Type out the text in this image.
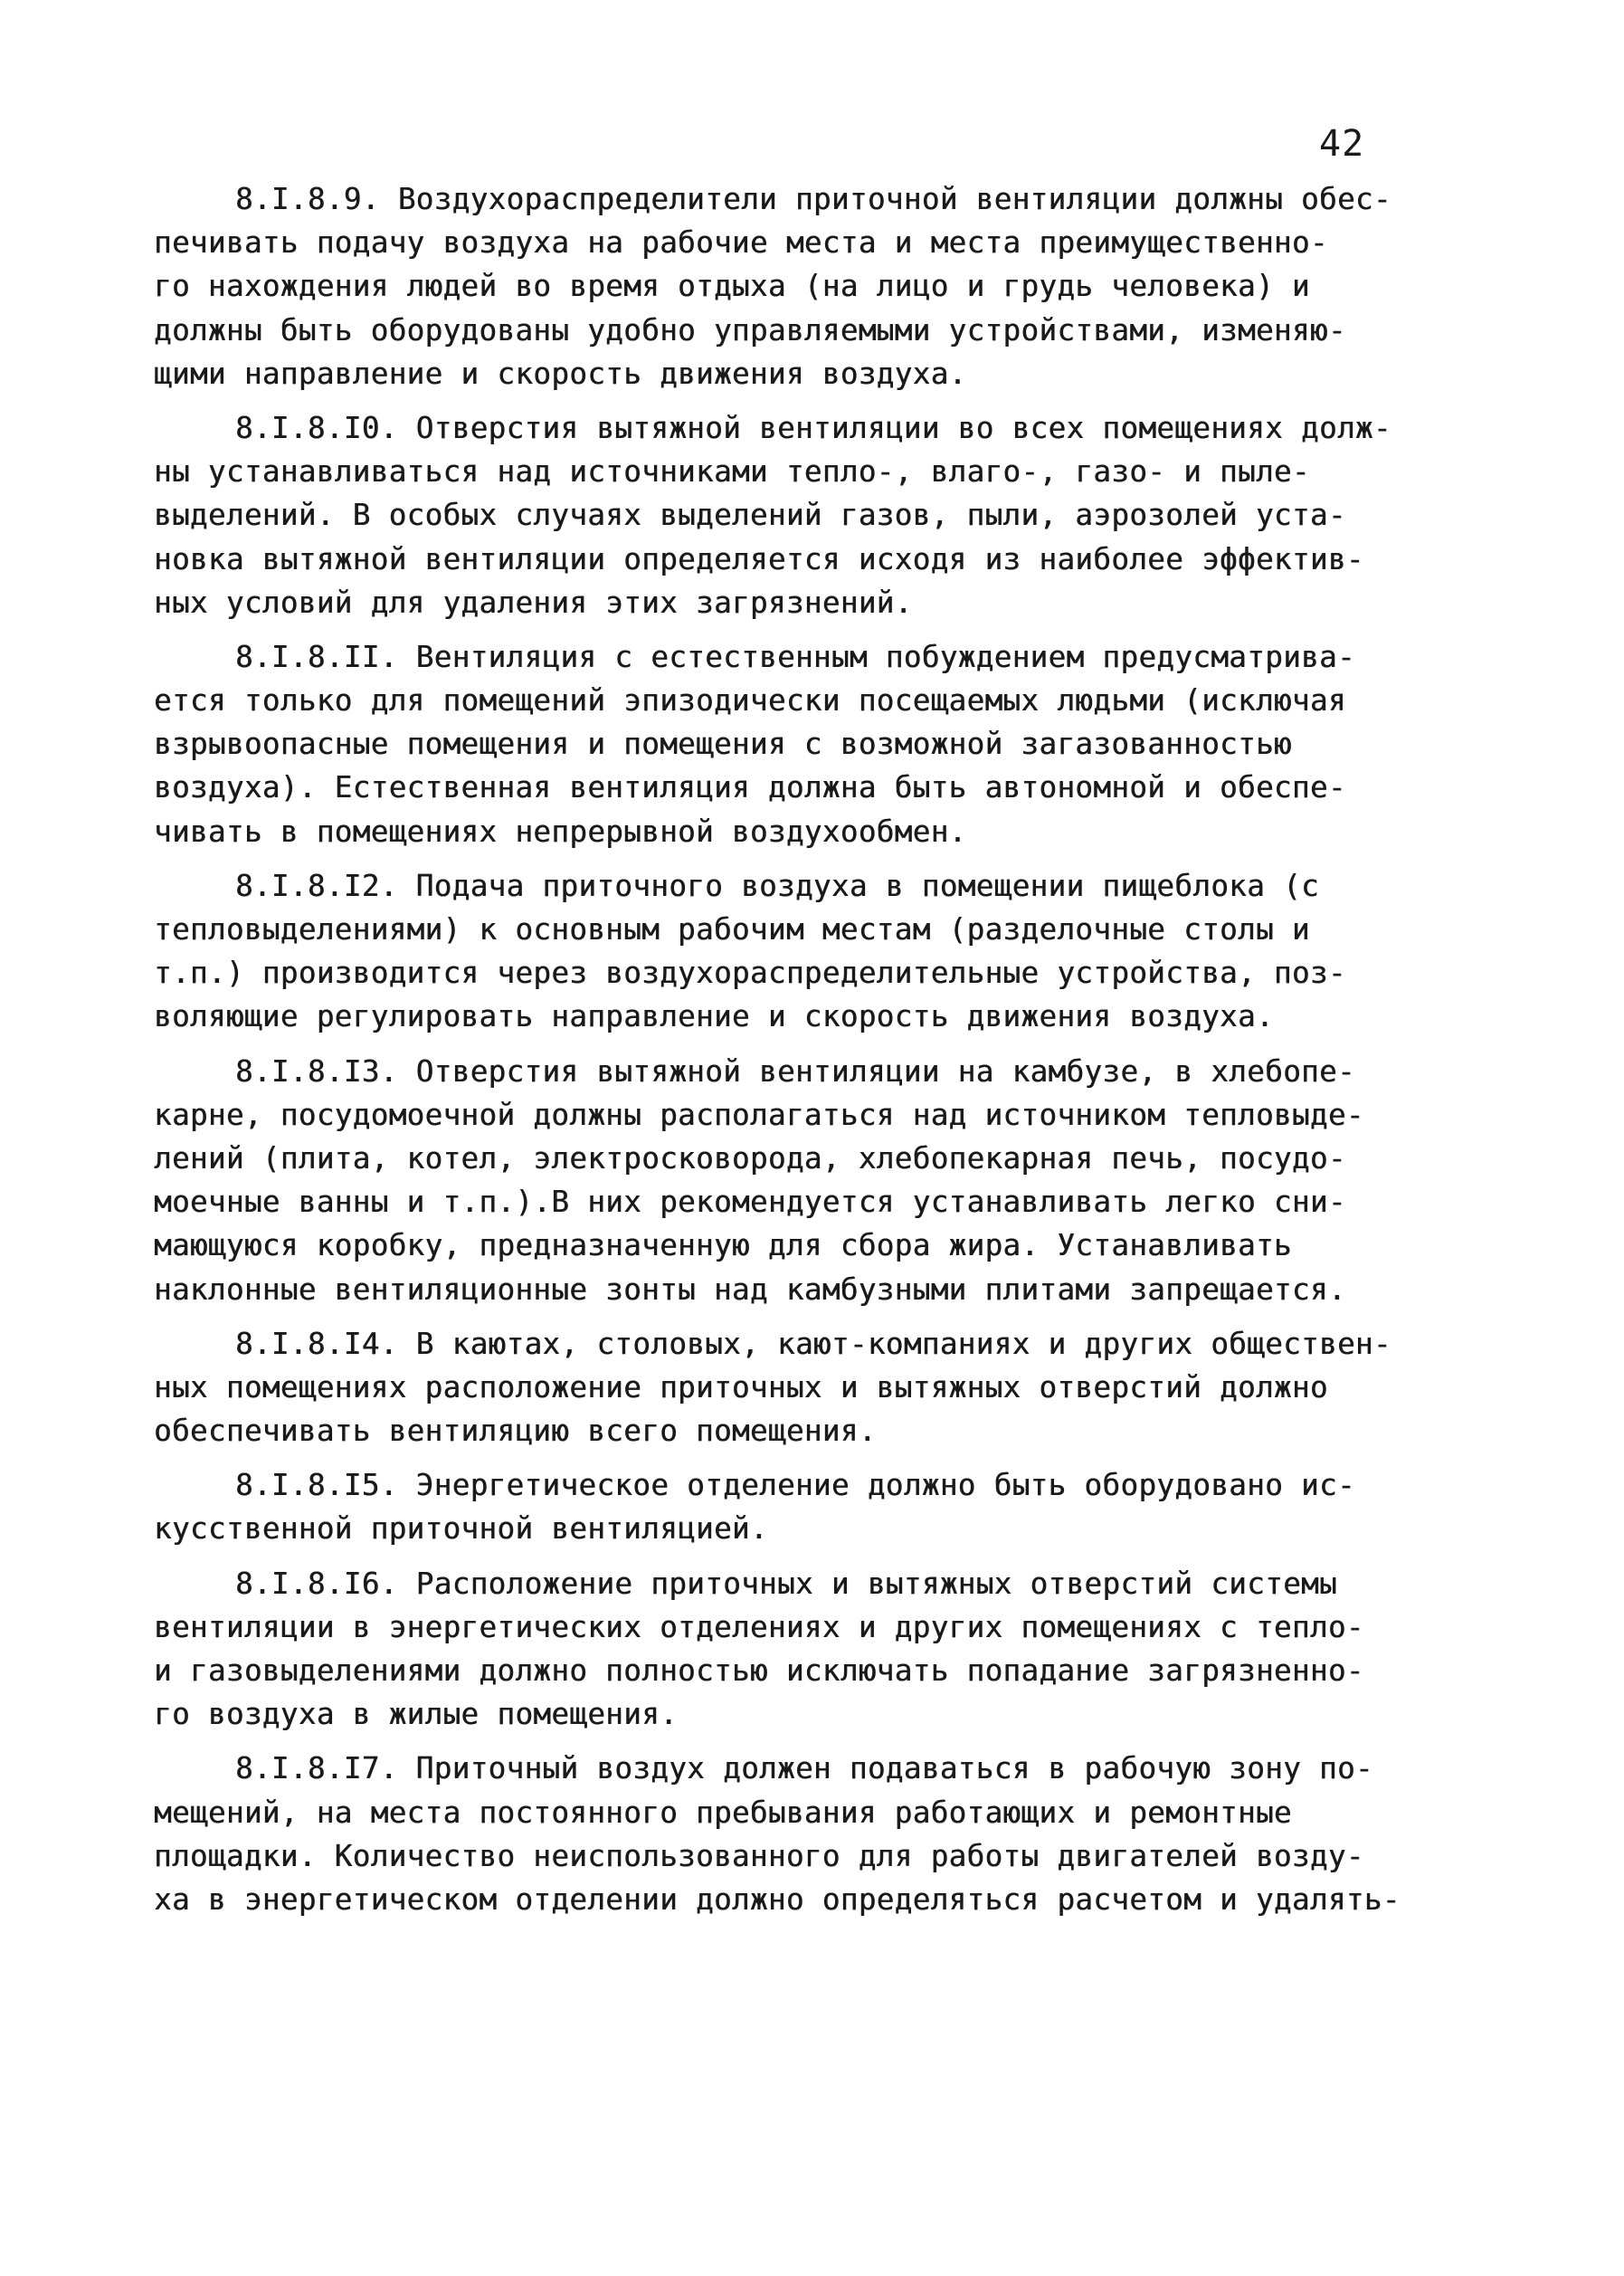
42
8.I.8.9. Воздухораспределители приточной вентиляции должны обес-
печивать подачу воздуха на рабочие места и места преимущественно-
го нахождения людей во время отдыха (на лицо и грудь человека) и
должны быть оборудованы удобно управляемыми устройствами, изменяю-
щими направление и скорость движения воздуха.
8.I.8.I0. Отверстия вытяжной вентиляции во всех помещениях долж-
ны устанавливаться над источниками тепло-, влаго-, газо- и пыле-
выделений. В особых случаях выделений газов, пыли, аэрозолей уста-
новка вытяжной вентиляции определяется исходя из наиболее эффектив-
ных условий для удаления этих загрязнений.
8.I.8.II. Вентиляция с естественным побуждением предусматрива-
ется только для помещений эпизодически посещаемых людьми (исключая
взрывоопасные помещения и помещения с возможной загазованностью
воздуха). Естественная вентиляция должна быть автономной и обеспе-
чивать в помещениях непрерывной воздухообмен.
8.I.8.I2. Подача приточного воздуха в помещении пищеблока (с
тепловыделениями) к основным рабочим местам (разделочные столы и
т.п.) производится через воздухораспределительные устройства, поз-
воляющие регулировать направление и скорость движения воздуха.
8.I.8.I3. Отверстия вытяжной вентиляции на камбузе, в хлебопе-
карне, посудомоечной должны располагаться над источником тепловыде-
лений (плита, котел, электросковорода, хлебопекарная печь, посудо-
моечные ванны и т.п.).В них рекомендуется устанавливать легко сни-
мающуюся коробку, предназначенную для сбора жира. Устанавливать
наклонные вентиляционные зонты над камбузными плитами запрещается.
8.I.8.I4. В каютах, столовых, кают-компаниях и других обществен-
ных помещениях расположение приточных и вытяжных отверстий должно
обеспечивать вентиляцию всего помещения.
8.I.8.I5. Энергетическое отделение должно быть оборудовано ис-
кусственной приточной вентиляцией.
8.I.8.I6. Расположение приточных и вытяжных отверстий системы
вентиляции в энергетических отделениях и других помещениях с тепло-
и газовыделениями должно полностью исключать попадание загрязненно-
го воздуха в жилые помещения.
8.I.8.I7. Приточный воздух должен подаваться в рабочую зону по-
мещений, на места постоянного пребывания работающих и ремонтные
площадки. Количество неиспользованного для работы двигателей возду-
ха в энергетическом отделении должно определяться расчетом и удалять-
